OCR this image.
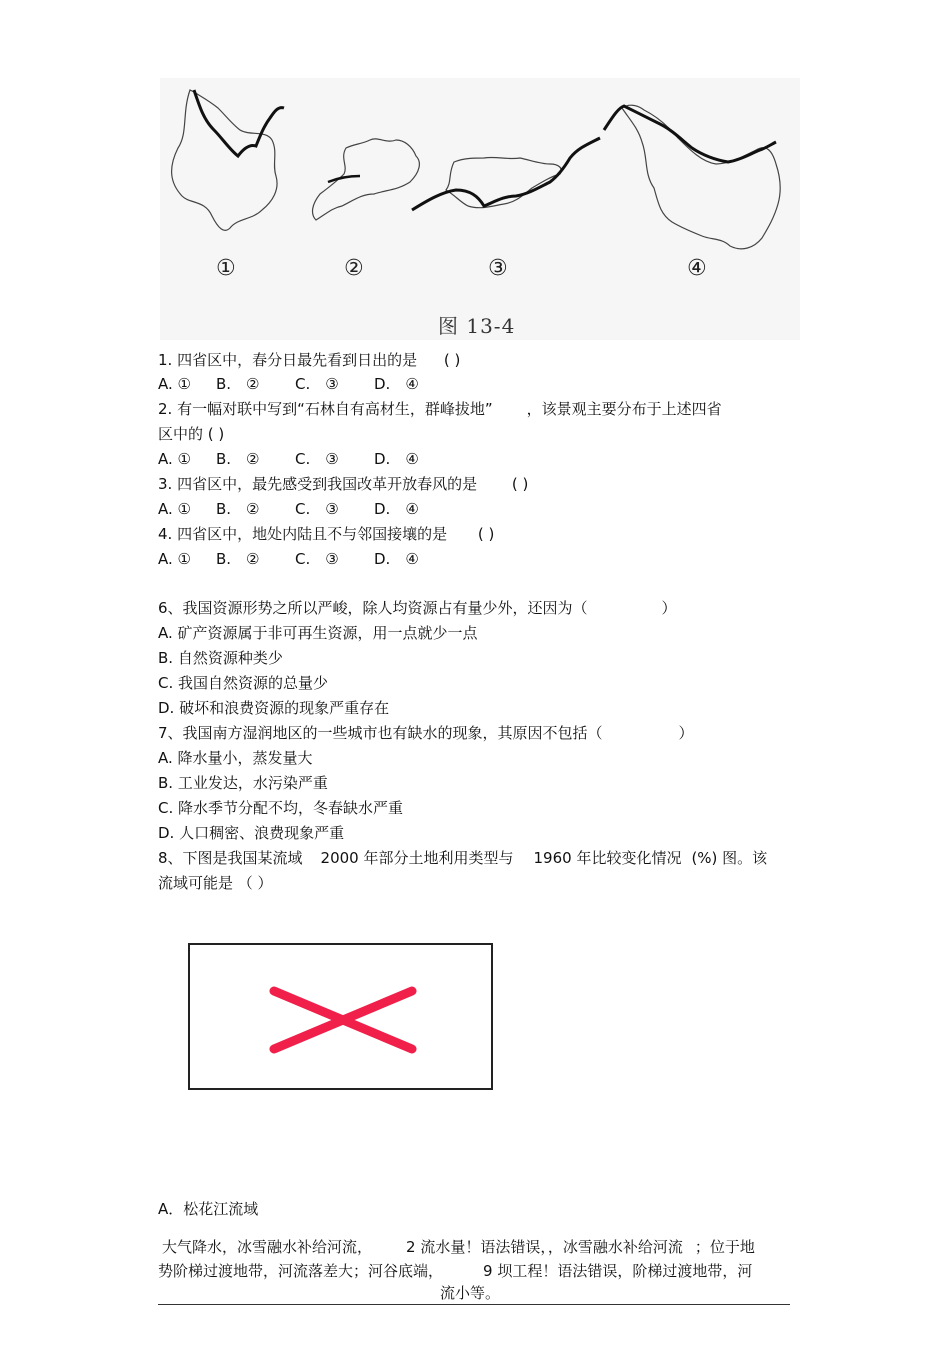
①	②	③	④
图 13-4
1. 四省区中，春分日最先看到日出的是 ( )
A. ① B.　② C.　③ D.　④
2. 有一幅对联中写到“石林自有高材生，群峰拔地” ，该景观主要分布于上述四省
区中的 ( )
A. ① B.　② C.　③ D.　④
3. 四省区中，最先感受到我国改革开放春风的是 ( )
A. ① B.　② C.　③ D.　④
4. 四省区中，地处内陆且不与邻国接壤的是 ( )
A. ① B.　② C.　③ D.　④
6、我国资源形势之所以严峻，除人均资源占有量少外，还因为（	）
A. 矿产资源属于非可再生资源，用一点就少一点
B. 自然资源种类少
C. 我国自然资源的总量少
D. 破坏和浪费资源的现象严重存在
7、我国南方湿润地区的一些城市也有缺水的现象，其原因不包括（	）
A. 降水量小，蒸发量大
B. 工业发达，水污染严重
C. 降水季节分配不均，冬春缺水严重
D. 人口稠密、浪费现象严重
8、下图是我国某流域 2000 年部分土地利用类型与 1960 年比较变化情况 (%) 图。该
流域可能是 （ ）
A．松花江流域
大气降水，冰雪融水补给河流， 2 流水量！语法错误，，冰雪融水补给河流 ；位于地
势阶梯过渡地带，河流落差大；河谷底端，	9 坝工程！语法错误，阶梯过渡地带，河
流小等。
